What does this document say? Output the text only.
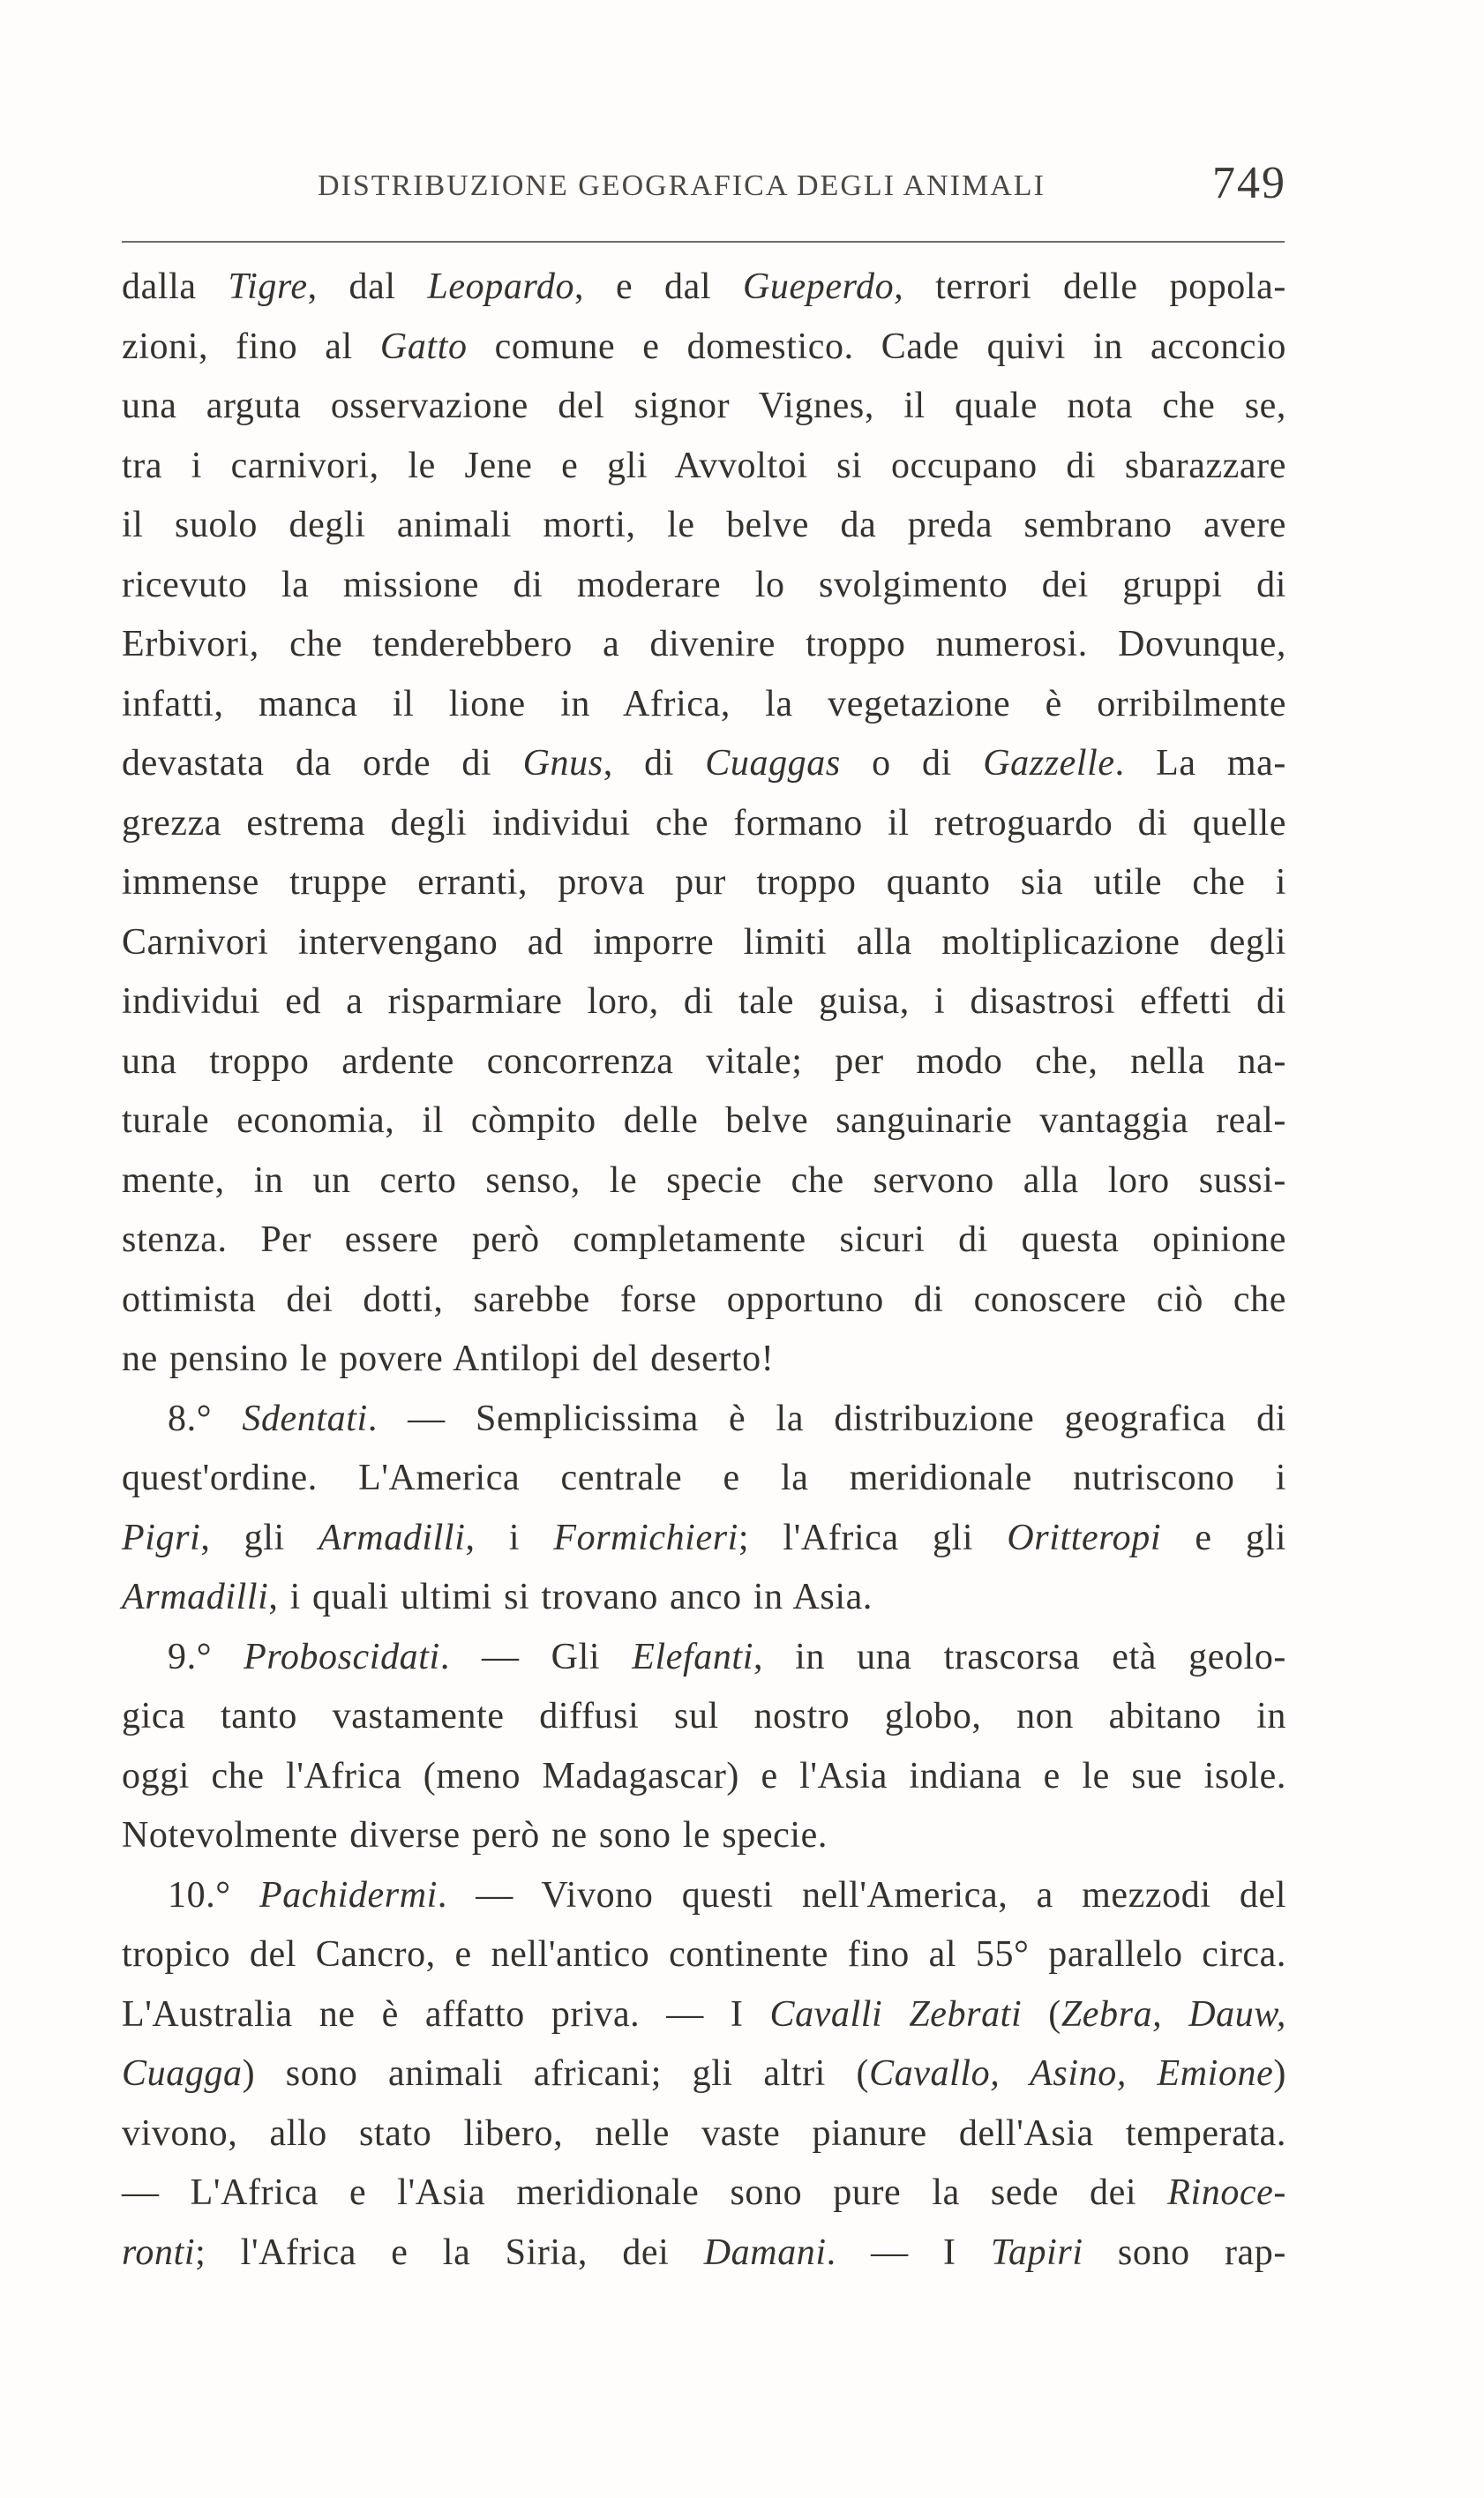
DISTRIBUZIONE GEOGRAFICA DEGLI ANIMALI	749
dalla Tigre, dal Leopardo, e dal Gueperdo, terrori delle popola-
zioni, fino al Gatto comune e domestico. Cade quivi in acconcio
una arguta osservazione del signor Vignes, il quale nota che se,
tra i carnivori, le Jene e gli Avvoltoi si occupano di sbarazzare
il suolo degli animali morti, le belve da preda sembrano avere
ricevuto la missione di moderare lo svolgimento dei gruppi di
Erbivori, che tenderebbero a divenire troppo numerosi. Dovunque,
infatti, manca il lione in Africa, la vegetazione è orribilmente
devastata da orde di Gnus, di Cuaggas o di Gazzelle. La ma-
grezza estrema degli individui che formano il retroguardo di quelle
immense truppe erranti, prova pur troppo quanto sia utile che i
Carnivori intervengano ad imporre limiti alla moltiplicazione degli
individui ed a risparmiare loro, di tale guisa, i disastrosi effetti di
una troppo ardente concorrenza vitale; per modo che, nella na-
turale economia, il còmpito delle belve sanguinarie vantaggia real-
mente, in un certo senso, le specie che servono alla loro sussi-
stenza. Per essere però completamente sicuri di questa opinione
ottimista dei dotti, sarebbe forse opportuno di conoscere ciò che
ne pensino le povere Antilopi del deserto!
8.° Sdentati. — Semplicissima è la distribuzione geografica di
quest'ordine. L'America centrale e la meridionale nutriscono i
Pigri, gli Armadilli, i Formichieri; l'Africa gli Oritteropi e gli
Armadilli, i quali ultimi si trovano anco in Asia.
9.° Proboscidati. — Gli Elefanti, in una trascorsa età geolo-
gica tanto vastamente diffusi sul nostro globo, non abitano in
oggi che l'Africa (meno Madagascar) e l'Asia indiana e le sue isole.
Notevolmente diverse però ne sono le specie.
10.° Pachidermi. — Vivono questi nell'America, a mezzodi del
tropico del Cancro, e nell'antico continente fino al 55° parallelo circa.
L'Australia ne è affatto priva. — I Cavalli Zebrati (Zebra, Dauw,
Cuagga) sono animali africani; gli altri (Cavallo, Asino, Emione)
vivono, allo stato libero, nelle vaste pianure dell'Asia temperata.
— L'Africa e l'Asia meridionale sono pure la sede dei Rinoce-
ronti; l'Africa e la Siria, dei Damani. — I Tapiri sono rap-
